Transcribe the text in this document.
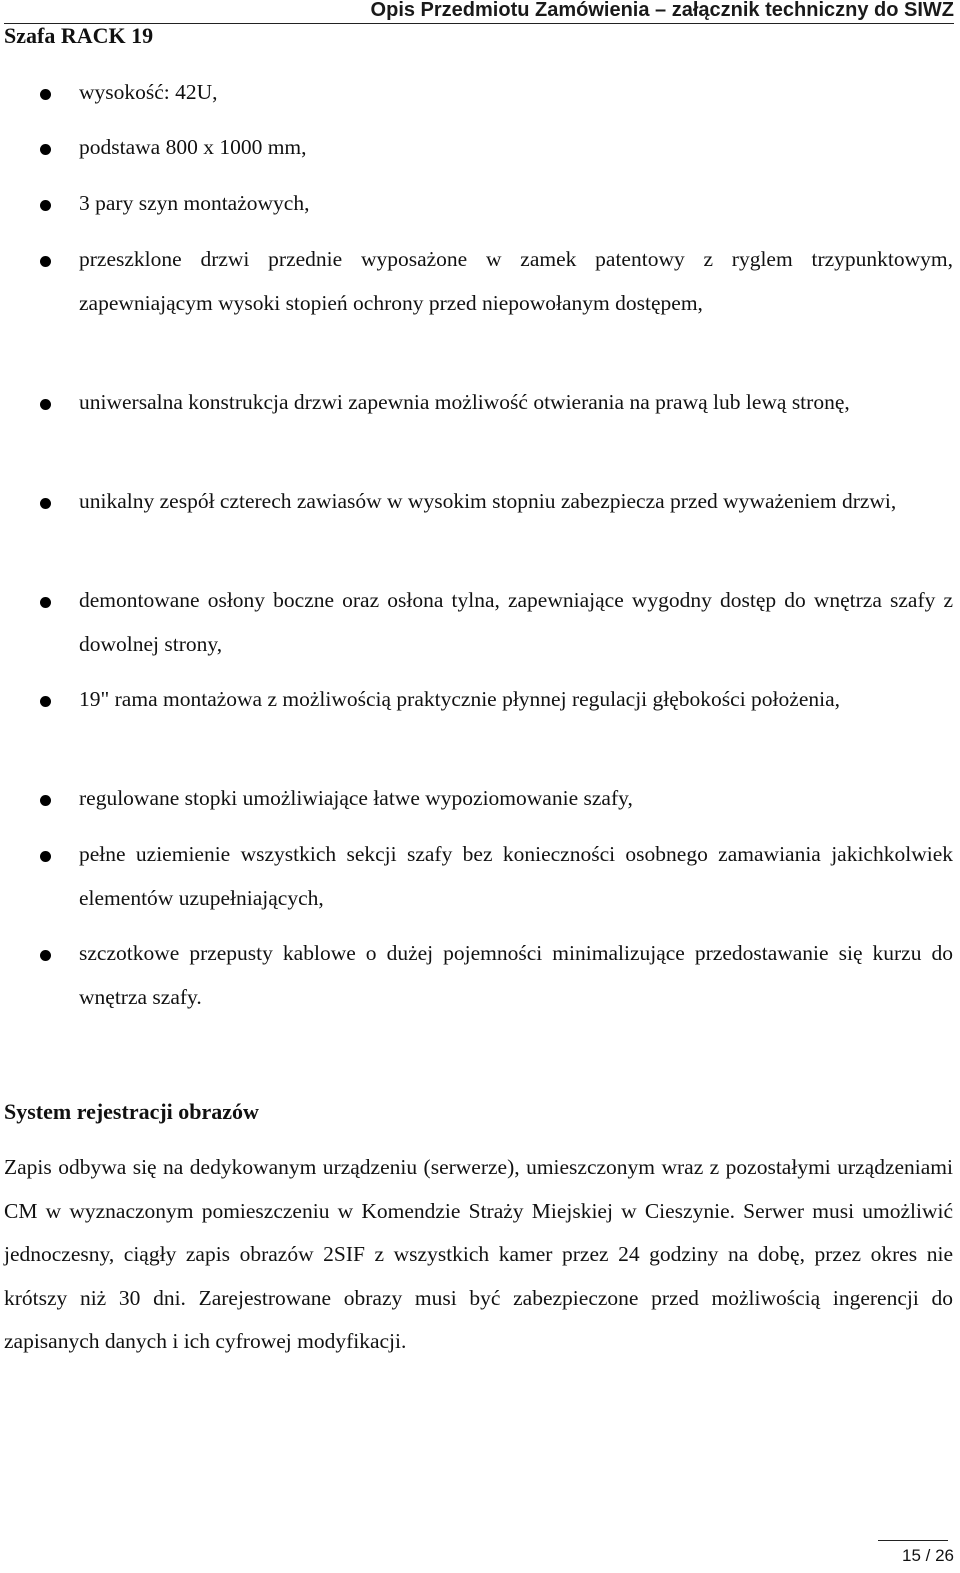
Opis Przedmiotu Zamówienia – załącznik techniczny do SIWZ
Szafa RACK 19
wysokość: 42U,
podstawa 800 x 1000 mm,
3 pary szyn montażowych,
przeszklone drzwi przednie wyposażone w zamek patentowy z ryglem trzypunktowym, zapewniającym wysoki stopień ochrony przed niepowołanym dostępem,
uniwersalna konstrukcja drzwi zapewnia możliwość otwierania na prawą lub lewą stronę,
unikalny zespół czterech zawiasów w wysokim stopniu zabezpiecza przed wyważeniem drzwi,
demontowane osłony boczne oraz osłona tylna, zapewniające wygodny dostęp do wnętrza szafy z dowolnej strony,
19" rama montażowa z możliwością praktycznie płynnej regulacji głębokości położenia,
regulowane stopki umożliwiające łatwe wypoziomowanie szafy,
pełne uziemienie wszystkich sekcji szafy bez konieczności osobnego zamawiania jakichkolwiek elementów uzupełniających,
szczotkowe przepusty kablowe o dużej pojemności minimalizujące przedostawanie się kurzu do wnętrza szafy.
System rejestracji obrazów

Zapis odbywa się na dedykowanym urządzeniu (serwerze), umieszczonym wraz z pozostałymi urządzeniami CM w wyznaczonym pomieszczeniu w Komendzie Straży Miejskiej w Cieszynie. Serwer musi umożliwić jednoczesny, ciągły zapis obrazów 2SIF z wszystkich kamer przez 24 godziny na dobę, przez okres nie krótszy niż 30 dni. Zarejestrowane obrazy musi być zabezpieczone przed możliwością ingerencji do zapisanych danych i ich cyfrowej modyfikacji.

15 / 26
